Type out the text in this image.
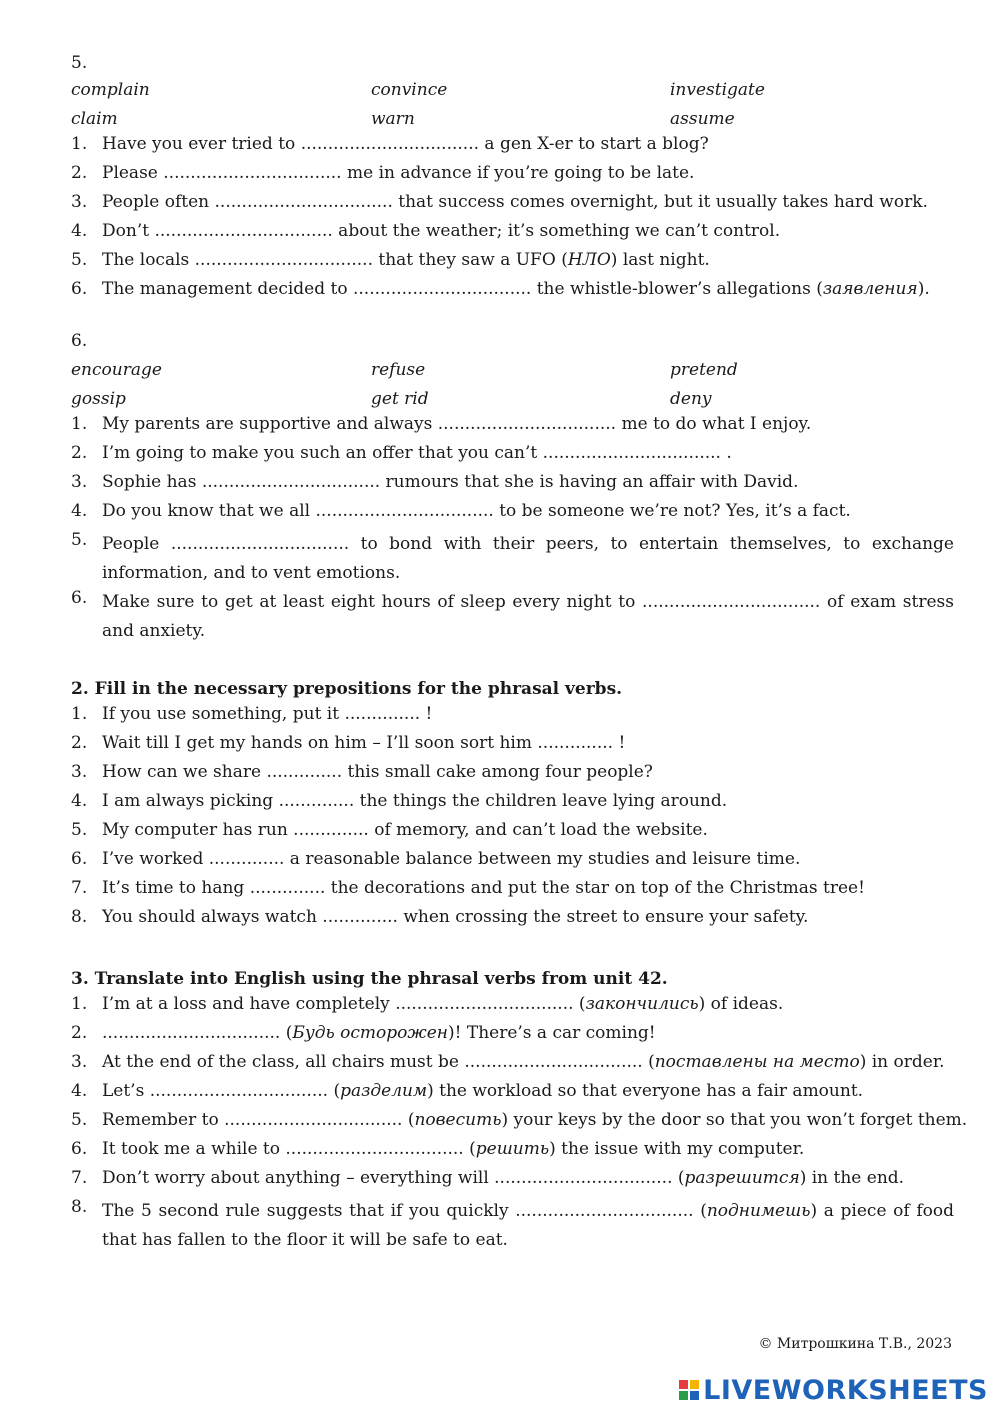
5.
complain	convince	investigate
claim	warn	assume
1. Have you ever tried to ................................. a gen X-er to start a blog?
2. Please ................................. me in advance if you’re going to be late.
3. People often ................................. that success comes overnight, but it usually takes hard work.
4. Don’t ................................. about the weather; it’s something we can’t control.
5. The locals ................................. that they saw a UFO (НЛО) last night.
6. The management decided to ................................. the whistle-blower’s allegations (заявления).
6.
encourage	refuse	pretend
gossip	get rid	deny
1. My parents are supportive and always ................................. me to do what I enjoy.
2. I’m going to make you such an offer that you can’t ................................. .
3. Sophie has ................................. rumours that she is having an affair with David.
4. Do you know that we all ................................. to be someone we’re not? Yes, it’s a fact.
5. People ................................. to bond with their peers, to entertain themselves, to exchange information, and to vent emotions.
6. Make sure to get at least eight hours of sleep every night to ................................. of exam stress and anxiety.
2. Fill in the necessary prepositions for the phrasal verbs.
1. If you use something, put it .............. !
2. Wait till I get my hands on him – I’ll soon sort him .............. !
3. How can we share .............. this small cake among four people?
4. I am always picking .............. the things the children leave lying around.
5. My computer has run .............. of memory, and can’t load the website.
6. I’ve worked .............. a reasonable balance between my studies and leisure time.
7. It’s time to hang .............. the decorations and put the star on top of the Christmas tree!
8. You should always watch .............. when crossing the street to ensure your safety.
3. Translate into English using the phrasal verbs from unit 42.
1. I’m at a loss and have completely ................................. (закончились) of ideas.
2. ................................. (Будь осторожен)! There’s a car coming!
3. At the end of the class, all chairs must be ................................. (поставлены на место) in order.
4. Let’s ................................. (разделим) the workload so that everyone has a fair amount.
5. Remember to ................................. (повесить) your keys by the door so that you won’t forget them.
6. It took me a while to ................................. (решить) the issue with my computer.
7. Don’t worry about anything – everything will ................................. (разрешится) in the end.
8. The 5 second rule suggests that if you quickly ................................. (поднимешь) a piece of food that has fallen to the floor it will be safe to eat.
© Митрошкина Т.В., 2023
LIVEWORKSHEETS
